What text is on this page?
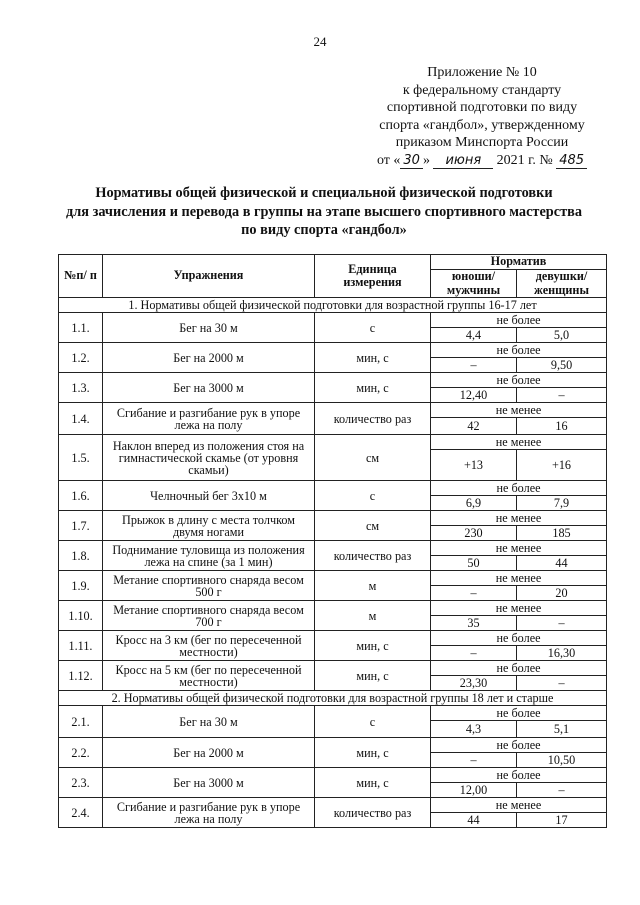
24
Приложение № 10
к федеральному стандарту
спортивной подготовки по виду
спорта «гандбол», утвержденному
приказом Минспорта России
от « 30 » июня 2021 г. № 485
Нормативы общей физической и специальной физической подготовки
для зачисления и перевода в группы на этапе высшего спортивного мастерства
по виду спорта «гандбол»
№п/ п	Упражнения	Единица измерения	Норматив	
			юноши/ мужчины	девушки/ женщины
1. Нормативы общей физической подготовки для возрастной группы 16-17 лет				
1.1.	Бег на 30 м	с	не более	
			4,4	5,0
1.2.	Бег на 2000 м	мин, с	не более	
			–	9,50
1.3.	Бег на 3000 м	мин, с	не более	
			12,40	–
1.4.	Сгибание и разгибание рук в упоре лежа на полу	количество раз	не менее	
			42	16
1.5.	Наклон вперед из положения стоя на гимнастической скамье (от уровня скамьи)	см	не менее	
			+13	+16
1.6.	Челночный бег 3x10 м	с	не более	
			6,9	7,9
1.7.	Прыжок в длину с места толчком двумя ногами	см	не менее	
			230	185
1.8.	Поднимание туловища из положения лежа на спине (за 1 мин)	количество раз	не менее	
			50	44
1.9.	Метание спортивного снаряда весом 500 г	м	не менее	
			–	20
1.10.	Метание спортивного снаряда весом 700 г	м	не менее	
			35	–
1.11.	Кросс на 3 км (бег по пересеченной местности)	мин, с	не более	
			–	16,30
1.12.	Кросс на 5 км (бег по пересеченной местности)	мин, с	не более	
			23,30	–
2. Нормативы общей физической подготовки для возрастной группы 18 лет и старше				
2.1.	Бег на 30 м	с	не более	
			4,3	5,1
2.2.	Бег на 2000 м	мин, с	не более	
			–	10,50
2.3.	Бег на 3000 м	мин, с	не более	
			12,00	–
2.4.	Сгибание и разгибание рук в упоре лежа на полу	количество раз	не менее	
			44	17
